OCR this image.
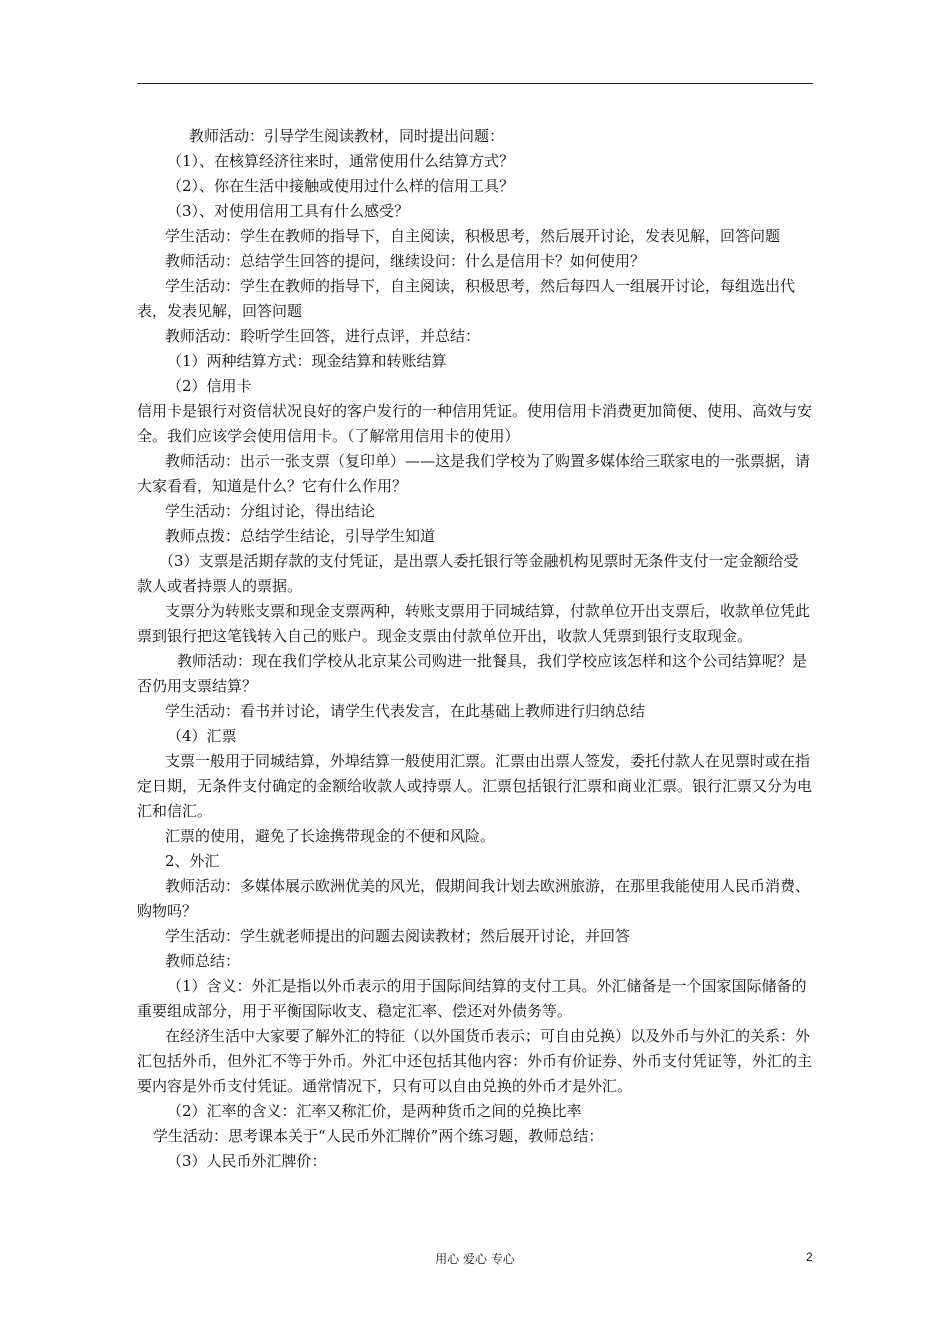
教师活动：引导学生阅读教材，同时提出问题：

（1）、在核算经济往来时，通常使用什么结算方式？

（2）、你在生活中接触或使用过什么样的信用工具？

（3）、对使用信用工具有什么感受？

学生活动：学生在教师的指导下，自主阅读，积极思考，然后展开讨论，发表见解，回答问题

教师活动：总结学生回答的提问，继续设问：什么是信用卡？如何使用？

学生活动：学生在教师的指导下，自主阅读，积极思考，然后每四人一组展开讨论，每组选出代表，发表见解，回答问题

教师活动：聆听学生回答，进行点评，并总结：

（1）两种结算方式：现金结算和转账结算

（2）信用卡

信用卡是银行对资信状况良好的客户发行的一种信用凭证。使用信用卡消费更加简便、使用、高效与安全。我们应该学会使用信用卡。（了解常用信用卡的使用）

教师活动：出示一张支票（复印单）——这是我们学校为了购置多媒体给三联家电的一张票据，请大家看看，知道是什么？它有什么作用？

学生活动：分组讨论，得出结论

教师点拨：总结学生结论，引导学生知道

（3）支票是活期存款的支付凭证，是出票人委托银行等金融机构见票时无条件支付一定金额给受款人或者持票人的票据。

支票分为转账支票和现金支票两种，转账支票用于同城结算，付款单位开出支票后，收款单位凭此票到银行把这笔钱转入自己的账户。现金支票由付款单位开出，收款人凭票到银行支取现金。

教师活动：现在我们学校从北京某公司购进一批餐具，我们学校应该怎样和这个公司结算呢？是否仍用支票结算？

学生活动：看书并讨论，请学生代表发言，在此基础上教师进行归纳总结

（4）汇票

支票一般用于同城结算，外埠结算一般使用汇票。汇票由出票人签发，委托付款人在见票时或在指定日期，无条件支付确定的金额给收款人或持票人。汇票包括银行汇票和商业汇票。银行汇票又分为电汇和信汇。

汇票的使用，避免了长途携带现金的不便和风险。

2、外汇

教师活动：多媒体展示欧洲优美的风光，假期间我计划去欧洲旅游，在那里我能使用人民币消费、购物吗？

学生活动：学生就老师提出的问题去阅读教材；然后展开讨论，并回答

教师总结：

（1）含义：外汇是指以外币表示的用于国际间结算的支付工具。外汇储备是一个国家国际储备的重要组成部分，用于平衡国际收支、稳定汇率、偿还对外债务等。

在经济生活中大家要了解外汇的特征（以外国货币表示；可自由兑换）以及外币与外汇的关系：外汇包括外币，但外汇不等于外币。外汇中还包括其他内容：外币有价证券、外币支付凭证等，外汇的主要内容是外币支付凭证。通常情况下，只有可以自由兑换的外币才是外汇。

（2）汇率的含义：汇率又称汇价，是两种货币之间的兑换比率

学生活动：思考课本关于“人民币外汇牌价”两个练习题，教师总结：

（3）人民币外汇牌价：

用心 爱心 专心	2
